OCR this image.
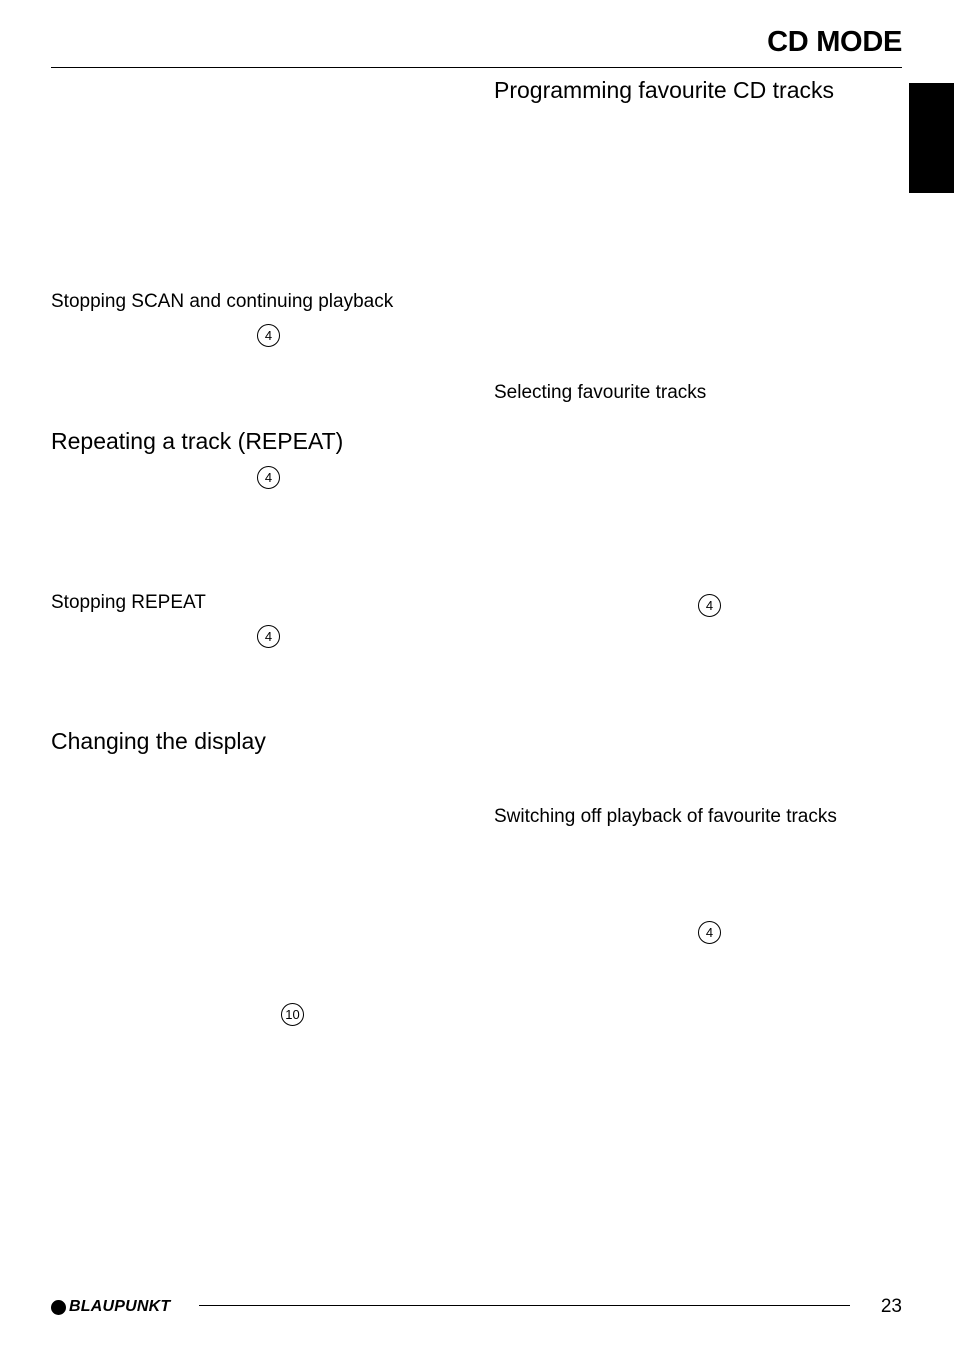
CD MODE
Stopping SCAN and continuing playback
4
Repeating a track (REPEAT)
4
Stopping REPEAT
4
Changing the display
10
Programming favourite CD tracks
Selecting favourite tracks
4
Switching off playback of favourite tracks
4
BLAUPUNKT	23
